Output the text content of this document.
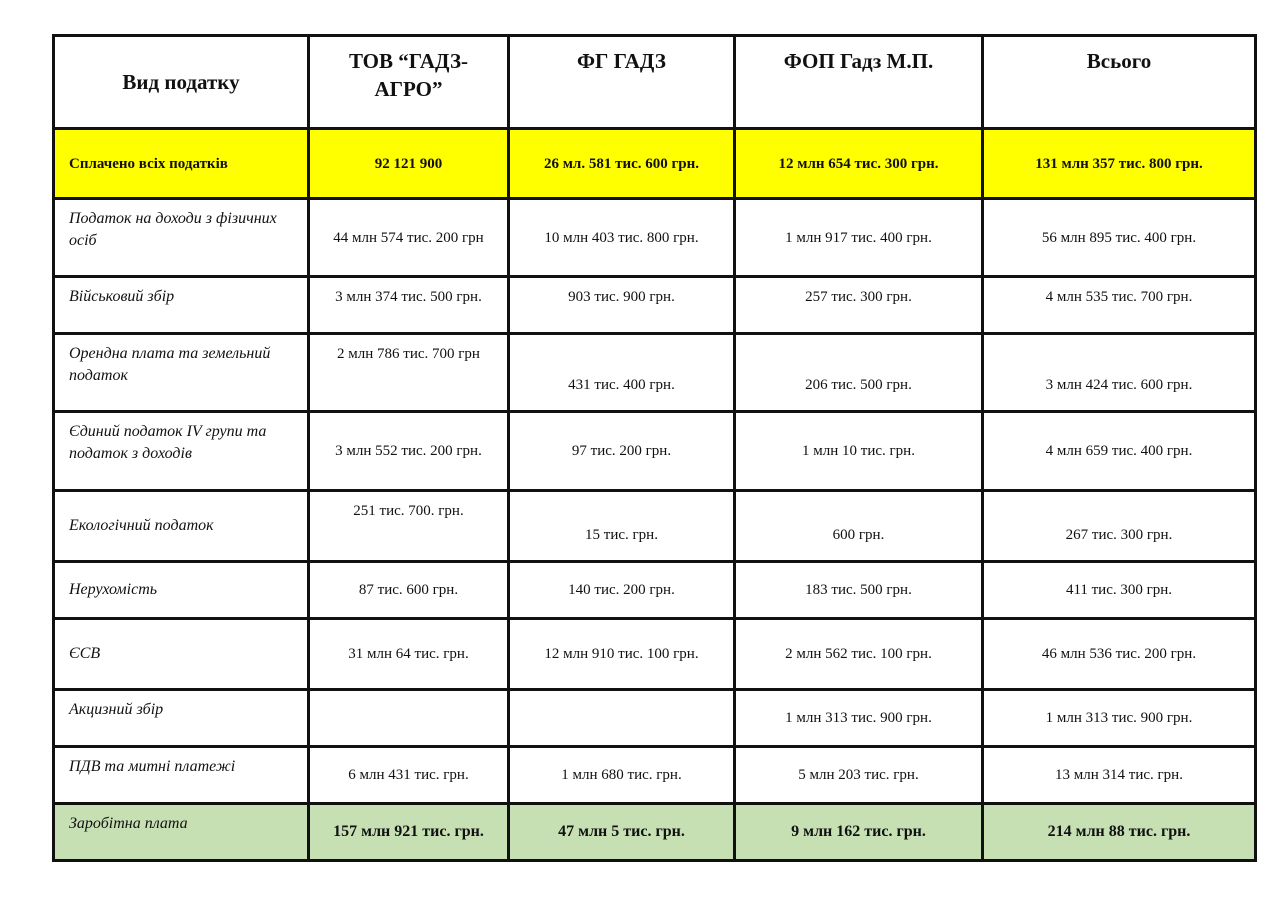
Вид податку	ТОВ “ГАДЗ-АГРО”	ФГ ГАДЗ	ФОП Гадз М.П.	Всього
Сплачено всіх податків	92 121 900	26 мл. 581 тис. 600 грн.	12 млн 654 тис. 300 грн.	131 млн 357 тис. 800 грн.
Податок на доходи з фізичних осіб	44 млн 574 тис. 200 грн	10 млн 403 тис. 800 грн.	1 млн 917 тис. 400 грн.	56 млн 895 тис. 400 грн.
Військовий збір	3 млн 374 тис. 500 грн.	903 тис. 900 грн.	257 тис. 300 грн.	4 млн 535 тис. 700 грн.
Орендна плата та земельний податок	2 млн 786 тис. 700 грн	431 тис. 400 грн.	206 тис. 500 грн.	3 млн 424 тис. 600 грн.
Єдиний податок IV групи та податок з доходів	3 млн 552 тис. 200 грн.	97 тис. 200 грн.	1 млн 10 тис. грн.	4 млн 659 тис. 400 грн.
Екологічний податок	251 тис. 700. грн.	15 тис. грн.	600 грн.	267 тис. 300 грн.
Нерухомість	87 тис. 600 грн.	140 тис. 200 грн.	183 тис. 500 грн.	411 тис. 300 грн.
ЄСВ	31 млн 64 тис. грн.	12 млн 910 тис. 100 грн.	2 млн 562 тис. 100 грн.	46 млн 536 тис. 200 грн.
Акцизний збір			1 млн 313 тис. 900 грн.	1 млн 313 тис. 900 грн.
ПДВ та митні платежі	6 млн 431 тис. грн.	1 млн 680 тис. грн.	5 млн 203 тис. грн.	13 млн 314 тис. грн.
Заробітна плата	157 млн 921 тис. грн.	47 млн 5 тис. грн.	9 млн 162 тис. грн.	214 млн 88 тис. грн.
